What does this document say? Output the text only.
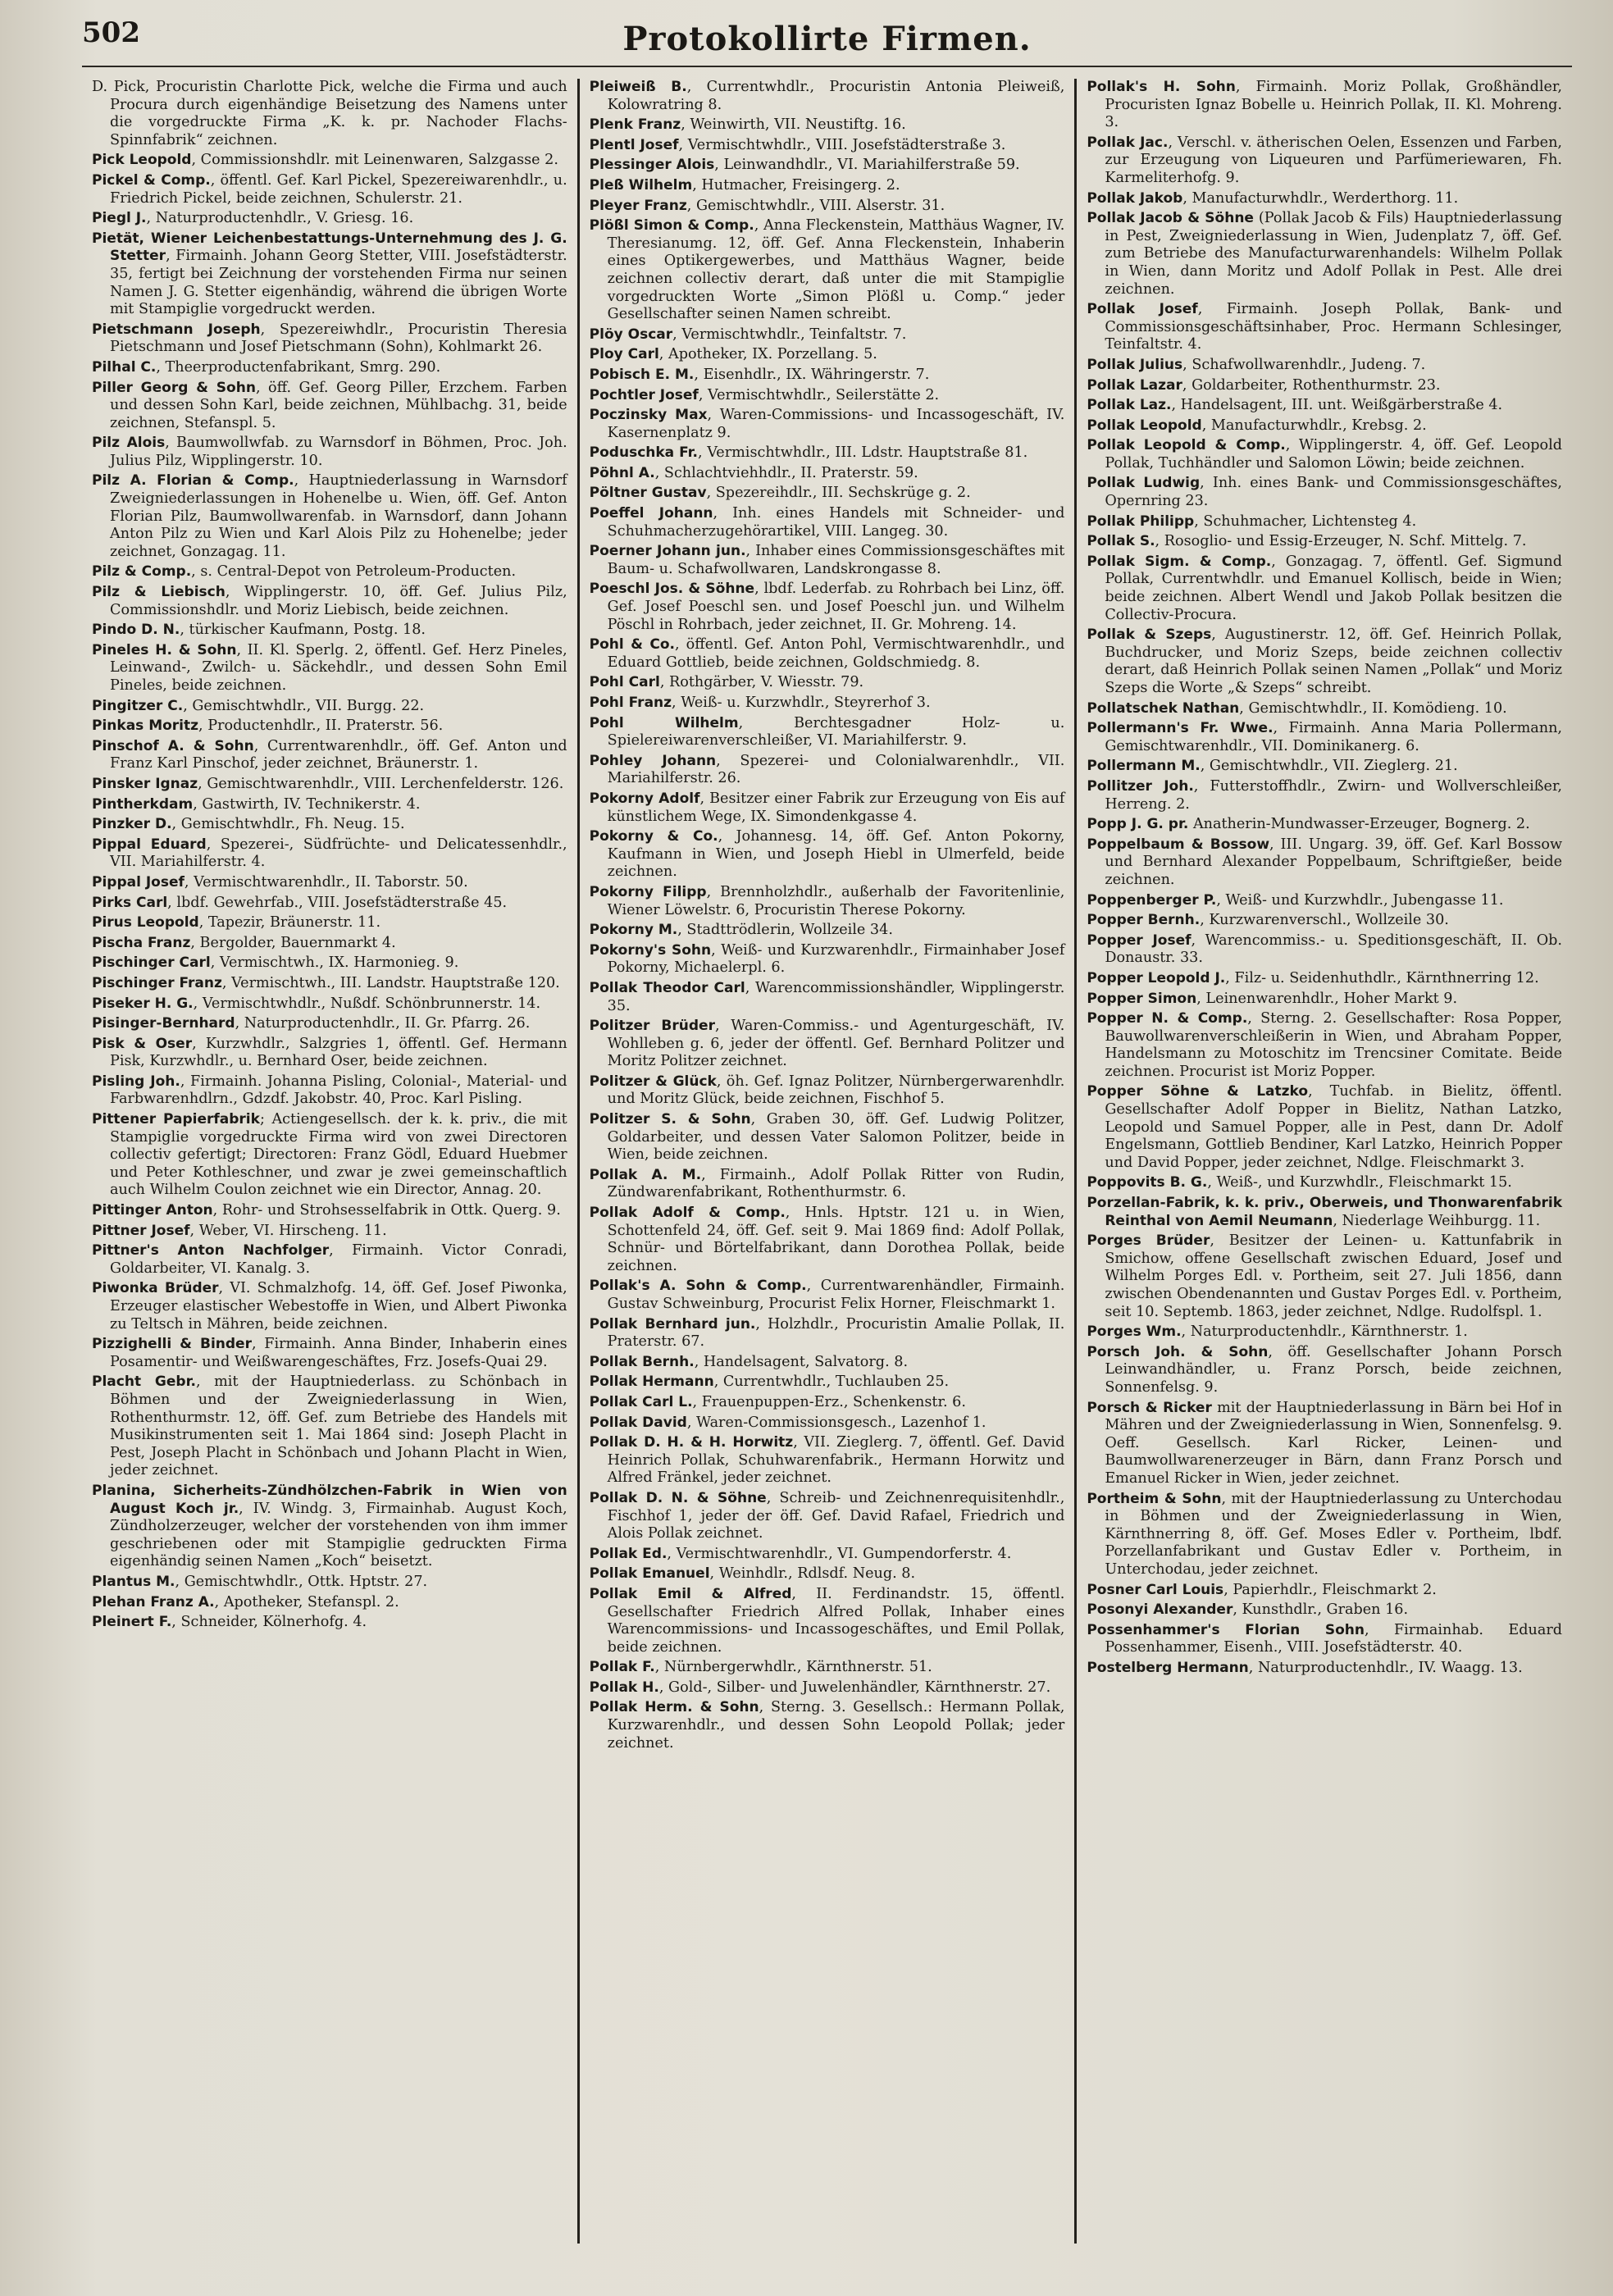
502	Protokollirte Firmen.

D. Pick, Procuristin Charlotte Pick, welche die Firma und auch Procura durch eigenhändige Beisetzung des Namens unter die vorgedruckte Firma „K. k. pr. Nachoder Flachs-Spinnfabrik“ zeichnen.

Pick Leopold, Commissionshdlr. mit Leinenwaren, Salzgasse 2.

Pickel & Comp., öffentl. Gef. Karl Pickel, Spezereiwarenhdlr., u. Friedrich Pickel, beide zeichnen, Schulerstr. 21.

Piegl J., Naturproductenhdlr., V. Griesg. 16.

Pietät, Wiener Leichenbestattungs-Unternehmung des J. G. Stetter, Firmainh. Johann Georg Stetter, VIII. Josefstädterstr. 35, fertigt bei Zeichnung der vorstehenden Firma nur seinen Namen J. G. Stetter eigenhändig, während die übrigen Worte mit Stampiglie vorgedruckt werden.

Pietschmann Joseph, Spezereiwhdlr., Procuristin Theresia Pietschmann und Josef Pietschmann (Sohn), Kohlmarkt 26.

Pilhal C., Theerproductenfabrikant, Smrg. 290.

Piller Georg & Sohn, öff. Gef. Georg Piller, Erzchem. Farben und dessen Sohn Karl, beide zeichnen, Mühlbachg. 31, beide zeichnen, Stefanspl. 5.

Pilz Alois, Baumwollwfab. zu Warnsdorf in Böhmen, Proc. Joh. Julius Pilz, Wipplingerstr. 10.

Pilz A. Florian & Comp., Hauptniederlassung in Warnsdorf Zweigniederlassungen in Hohenelbe u. Wien, öff. Gef. Anton Florian Pilz, Baumwollwarenfab. in Warnsdorf, dann Johann Anton Pilz zu Wien und Karl Alois Pilz zu Hohenelbe; jeder zeichnet, Gonzagag. 11.

Pilz & Comp., s. Central-Depot von Petroleum-Producten.

Pilz & Liebisch, Wipplingerstr. 10, öff. Gef. Julius Pilz, Commissionshdlr. und Moriz Liebisch, beide zeichnen.

Pindo D. N., türkischer Kaufmann, Postg. 18.

Pineles H. & Sohn, II. Kl. Sperlg. 2, öffentl. Gef. Herz Pineles, Leinwand-, Zwilch- u. Säckehdlr., und dessen Sohn Emil Pineles, beide zeichnen.

Pingitzer C., Gemischtwhdlr., VII. Burgg. 22.

Pinkas Moritz, Productenhdlr., II. Praterstr. 56.

Pinschof A. & Sohn, Currentwarenhdlr., öff. Gef. Anton und Franz Karl Pinschof, jeder zeichnet, Bräunerstr. 1.

Pinsker Ignaz, Gemischtwarenhdlr., VIII. Lerchenfelderstr. 126.

Pintherkdam, Gastwirth, IV. Technikerstr. 4.

Pinzker D., Gemischtwhdlr., Fh. Neug. 15.

Pippal Eduard, Spezerei-, Südfrüchte- und Delicatessenhdlr., VII. Mariahilferstr. 4.

Pippal Josef, Vermischtwarenhdlr., II. Taborstr. 50.

Pirks Carl, lbdf. Gewehrfab., VIII. Josefstädterstraße 45.

Pirus Leopold, Tapezir, Bräunerstr. 11.

Pischa Franz, Bergolder, Bauernmarkt 4.

Pischinger Carl, Vermischtwh., IX. Harmonieg. 9.

Pischinger Franz, Vermischtwh., III. Landstr. Hauptstraße 120.

Piseker H. G., Vermischtwhdlr., Nußdf. Schönbrunnerstr. 14.

Pisinger-Bernhard, Naturproductenhdlr., II. Gr. Pfarrg. 26.

Pisk & Oser, Kurzwhdlr., Salzgries 1, öffentl. Gef. Hermann Pisk, Kurzwhdlr., u. Bernhard Oser, beide zeichnen.

Pisling Joh., Firmainh. Johanna Pisling, Colonial-, Material- und Farbwarenhdlrn., Gdzdf. Jakobstr. 40, Proc. Karl Pisling.

Pittener Papierfabrik; Actiengesellsch. der k. k. priv., die mit Stampiglie vorgedruckte Firma wird von zwei Directoren collectiv gefertigt; Directoren: Franz Gödl, Eduard Huebmer und Peter Kothleschner, und zwar je zwei gemeinschaftlich auch Wilhelm Coulon zeichnet wie ein Director, Annag. 20.

Pittinger Anton, Rohr- und Strohsesselfabrik in Ottk. Querg. 9.

Pittner Josef, Weber, VI. Hirscheng. 11.

Pittner's Anton Nachfolger, Firmainh. Victor Conradi, Goldarbeiter, VI. Kanalg. 3.

Piwonka Brüder, VI. Schmalzhofg. 14, öff. Gef. Josef Piwonka, Erzeuger elastischer Webestoffe in Wien, und Albert Piwonka zu Teltsch in Mähren, beide zeichnen.

Pizzighelli & Binder, Firmainh. Anna Binder, Inhaberin eines Posamentir- und Weißwarengeschäftes, Frz. Josefs-Quai 29.

Placht Gebr., mit der Hauptniederlass. zu Schönbach in Böhmen und der Zweigniederlassung in Wien, Rothenthurmstr. 12, öff. Gef. zum Betriebe des Handels mit Musikinstrumenten seit 1. Mai 1864 sind: Joseph Placht in Pest, Joseph Placht in Schönbach und Johann Placht in Wien, jeder zeichnet.

Planina, Sicherheits-Zündhölzchen-Fabrik in Wien von August Koch jr., IV. Windg. 3, Firmainhab. August Koch, Zündholzerzeuger, welcher der vorstehenden von ihm immer geschriebenen oder mit Stampiglie gedruckten Firma eigenhändig seinen Namen „Koch“ beisetzt.

Plantus M., Gemischtwhdlr., Ottk. Hptstr. 27.

Plehan Franz A., Apotheker, Stefanspl. 2.

Pleinert F., Schneider, Kölnerhofg. 4.

Pleiweiß B., Currentwhdlr., Procuristin Antonia Pleiweiß, Kolowratring 8.

Plenk Franz, Weinwirth, VII. Neustiftg. 16.

Plentl Josef, Vermischtwhdlr., VIII. Josefstädterstraße 3.

Plessinger Alois, Leinwandhdlr., VI. Mariahilferstraße 59.

Pleß Wilhelm, Hutmacher, Freisingerg. 2.

Pleyer Franz, Gemischtwhdlr., VIII. Alserstr. 31.

Plößl Simon & Comp., Anna Fleckenstein, Matthäus Wagner, IV. Theresianumg. 12, öff. Gef. Anna Fleckenstein, Inhaberin eines Optikergewerbes, und Matthäus Wagner, beide zeichnen collectiv derart, daß unter die mit Stampiglie vorgedruckten Worte „Simon Plößl u. Comp.“ jeder Gesellschafter seinen Namen schreibt.

Plöy Oscar, Vermischtwhdlr., Teinfaltstr. 7.

Ploy Carl, Apotheker, IX. Porzellang. 5.

Pobisch E. M., Eisenhdlr., IX. Währingerstr. 7.

Pochtler Josef, Vermischtwhdlr., Seilerstätte 2.

Poczinsky Max, Waren-Commissions- und Incassogeschäft, IV. Kasernenplatz 9.

Poduschka Fr., Vermischtwhdlr., III. Ldstr. Hauptstraße 81.

Pöhnl A., Schlachtviehhdlr., II. Praterstr. 59.

Pöltner Gustav, Spezereihdlr., III. Sechskrüge g. 2.

Poeffel Johann, Inh. eines Handels mit Schneider- und Schuhmacherzugehörartikel, VIII. Langeg. 30.

Poerner Johann jun., Inhaber eines Commissionsgeschäftes mit Baum- u. Schafwollwaren, Landskrongasse 8.

Poeschl Jos. & Söhne, lbdf. Lederfab. zu Rohrbach bei Linz, öff. Gef. Josef Poeschl sen. und Josef Poeschl jun. und Wilhelm Pöschl in Rohrbach, jeder zeichnet, II. Gr. Mohreng. 14.

Pohl & Co., öffentl. Gef. Anton Pohl, Vermischtwarenhdlr., und Eduard Gottlieb, beide zeichnen, Goldschmiedg. 8.

Pohl Carl, Rothgärber, V. Wiesstr. 79.

Pohl Franz, Weiß- u. Kurzwhdlr., Steyrerhof 3.

Pohl Wilhelm, Berchtesgadner Holz- u. Spielereiwarenverschleißer, VI. Mariahilferstr. 9.

Pohley Johann, Spezerei- und Colonialwarenhdlr., VII. Mariahilferstr. 26.

Pokorny Adolf, Besitzer einer Fabrik zur Erzeugung von Eis auf künstlichem Wege, IX. Simondenkgasse 4.

Pokorny & Co., Johannesg. 14, öff. Gef. Anton Pokorny, Kaufmann in Wien, und Joseph Hiebl in Ulmerfeld, beide zeichnen.

Pokorny Filipp, Brennholzhdlr., außerhalb der Favoritenlinie, Wiener Löwelstr. 6, Procuristin Therese Pokorny.

Pokorny M., Stadttrödlerin, Wollzeile 34.

Pokorny's Sohn, Weiß- und Kurzwarenhdlr., Firmainhaber Josef Pokorny, Michaelerpl. 6.

Pollak Theodor Carl, Warencommissionshändler, Wipplingerstr. 35.

Politzer Brüder, Waren-Commiss.- und Agenturgeschäft, IV. Wohlleben g. 6, jeder der öffentl. Gef. Bernhard Politzer und Moritz Politzer zeichnet.

Politzer & Glück, öh. Gef. Ignaz Politzer, Nürnbergerwarenhdlr. und Moritz Glück, beide zeichnen, Fischhof 5.

Politzer S. & Sohn, Graben 30, öff. Gef. Ludwig Politzer, Goldarbeiter, und dessen Vater Salomon Politzer, beide in Wien, beide zeichnen.

Pollak A. M., Firmainh., Adolf Pollak Ritter von Rudin, Zündwarenfabrikant, Rothenthurmstr. 6.

Pollak Adolf & Comp., Hnls. Hptstr. 121 u. in Wien, Schottenfeld 24, öff. Gef. seit 9. Mai 1869 find: Adolf Pollak, Schnür- und Börtelfabrikant, dann Dorothea Pollak, beide zeichnen.

Pollak's A. Sohn & Comp., Currentwarenhändler, Firmainh. Gustav Schweinburg, Procurist Felix Horner, Fleischmarkt 1.

Pollak Bernhard jun., Holzhdlr., Procuristin Amalie Pollak, II. Praterstr. 67.

Pollak Bernh., Handelsagent, Salvatorg. 8.

Pollak Hermann, Currentwhdlr., Tuchlauben 25.

Pollak Carl L., Frauenpuppen-Erz., Schenkenstr. 6.

Pollak David, Waren-Commissionsgesch., Lazenhof 1.

Pollak D. H. & H. Horwitz, VII. Zieglerg. 7, öffentl. Gef. David Heinrich Pollak, Schuhwarenfabrik., Hermann Horwitz und Alfred Fränkel, jeder zeichnet.

Pollak D. N. & Söhne, Schreib- und Zeichnenrequisitenhdlr., Fischhof 1, jeder der öff. Gef. David Rafael, Friedrich und Alois Pollak zeichnet.

Pollak Ed., Vermischtwarenhdlr., VI. Gumpendorferstr. 4.

Pollak Emanuel, Weinhdlr., Rdlsdf. Neug. 8.

Pollak Emil & Alfred, II. Ferdinandstr. 15, öffentl. Gesellschafter Friedrich Alfred Pollak, Inhaber eines Warencommissions- und Incassogeschäftes, und Emil Pollak, beide zeichnen.

Pollak F., Nürnbergerwhdlr., Kärnthnerstr. 51.

Pollak H., Gold-, Silber- und Juwelenhändler, Kärnthnerstr. 27.

Pollak Herm. & Sohn, Sterng. 3. Gesellsch.: Hermann Pollak, Kurzwarenhdlr., und dessen Sohn Leopold Pollak; jeder zeichnet.

Pollak's H. Sohn, Firmainh. Moriz Pollak, Großhändler, Procuristen Ignaz Bobelle u. Heinrich Pollak, II. Kl. Mohreng. 3.

Pollak Jac., Verschl. v. ätherischen Oelen, Essenzen und Farben, zur Erzeugung von Liqueuren und Parfümeriewaren, Fh. Karmeliterhofg. 9.

Pollak Jakob, Manufacturwhdlr., Werderthorg. 11.

Pollak Jacob & Söhne (Pollak Jacob & Fils) Hauptniederlassung in Pest, Zweigniederlassung in Wien, Judenplatz 7, öff. Gef. zum Betriebe des Manufacturwarenhandels: Wilhelm Pollak in Wien, dann Moritz und Adolf Pollak in Pest. Alle drei zeichnen.

Pollak Josef, Firmainh. Joseph Pollak, Bank- und Commissionsgeschäftsinhaber, Proc. Hermann Schlesinger, Teinfaltstr. 4.

Pollak Julius, Schafwollwarenhdlr., Judeng. 7.

Pollak Lazar, Goldarbeiter, Rothenthurmstr. 23.

Pollak Laz., Handelsagent, III. unt. Weißgärberstraße 4.

Pollak Leopold, Manufacturwhdlr., Krebsg. 2.

Pollak Leopold & Comp., Wipplingerstr. 4, öff. Gef. Leopold Pollak, Tuchhändler und Salomon Löwin; beide zeichnen.

Pollak Ludwig, Inh. eines Bank- und Commissionsgeschäftes, Opernring 23.

Pollak Philipp, Schuhmacher, Lichtensteg 4.

Pollak S., Rosoglio- und Essig-Erzeuger, N. Schf. Mittelg. 7.

Pollak Sigm. & Comp., Gonzagag. 7, öffentl. Gef. Sigmund Pollak, Currentwhdlr. und Emanuel Kollisch, beide in Wien; beide zeichnen. Albert Wendl und Jakob Pollak besitzen die Collectiv-Procura.

Pollak & Szeps, Augustinerstr. 12, öff. Gef. Heinrich Pollak, Buchdrucker, und Moriz Szeps, beide zeichnen collectiv derart, daß Heinrich Pollak seinen Namen „Pollak“ und Moriz Szeps die Worte „& Szeps“ schreibt.

Pollatschek Nathan, Gemischtwhdlr., II. Komödieng. 10.

Pollermann's Fr. Wwe., Firmainh. Anna Maria Pollermann, Gemischtwarenhdlr., VII. Dominikanerg. 6.

Pollermann M., Gemischtwhdlr., VII. Zieglerg. 21.

Pollitzer Joh., Futterstoffhdlr., Zwirn- und Wollverschleißer, Herreng. 2.

Popp J. G. pr. Anatherin-Mundwasser-Erzeuger, Bognerg. 2.

Poppelbaum & Bossow, III. Ungarg. 39, öff. Gef. Karl Bossow und Bernhard Alexander Poppelbaum, Schriftgießer, beide zeichnen.

Poppenberger P., Weiß- und Kurzwhdlr., Jubengasse 11.

Popper Bernh., Kurzwarenverschl., Wollzeile 30.

Popper Josef, Warencommiss.- u. Speditionsgeschäft, II. Ob. Donaustr. 33.

Popper Leopold J., Filz- u. Seidenhuthdlr., Kärnthnerring 12.

Popper Simon, Leinenwarenhdlr., Hoher Markt 9.

Popper N. & Comp., Sterng. 2. Gesellschafter: Rosa Popper, Bauwollwarenverschleißerin in Wien, und Abraham Popper, Handelsmann zu Motoschitz im Trencsiner Comitate. Beide zeichnen. Procurist ist Moriz Popper.

Popper Söhne & Latzko, Tuchfab. in Bielitz, öffentl. Gesellschafter Adolf Popper in Bielitz, Nathan Latzko, Leopold und Samuel Popper, alle in Pest, dann Dr. Adolf Engelsmann, Gottlieb Bendiner, Karl Latzko, Heinrich Popper und David Popper, jeder zeichnet, Ndlge. Fleischmarkt 3.

Poppovits B. G., Weiß-, und Kurzwhdlr., Fleischmarkt 15.

Porzellan-Fabrik, k. k. priv., Oberweis, und Thonwarenfabrik Reinthal von Aemil Neumann, Niederlage Weihburgg. 11.

Porges Brüder, Besitzer der Leinen- u. Kattunfabrik in Smichow, offene Gesellschaft zwischen Eduard, Josef und Wilhelm Porges Edl. v. Portheim, seit 27. Juli 1856, dann zwischen Obendenannten und Gustav Porges Edl. v. Portheim, seit 10. Septemb. 1863, jeder zeichnet, Ndlge. Rudolfspl. 1.

Porges Wm., Naturproductenhdlr., Kärnthnerstr. 1.

Porsch Joh. & Sohn, öff. Gesellschafter Johann Porsch Leinwandhändler, u. Franz Porsch, beide zeichnen, Sonnenfelsg. 9.

Porsch & Ricker mit der Hauptniederlassung in Bärn bei Hof in Mähren und der Zweigniederlassung in Wien, Sonnenfelsg. 9. Oeff. Gesellsch. Karl Ricker, Leinen- und Baumwollwarenerzeuger in Bärn, dann Franz Porsch und Emanuel Ricker in Wien, jeder zeichnet.

Portheim & Sohn, mit der Hauptniederlassung zu Unterchodau in Böhmen und der Zweigniederlassung in Wien, Kärnthnerring 8, öff. Gef. Moses Edler v. Portheim, lbdf. Porzellanfabrikant und Gustav Edler v. Portheim, in Unterchodau, jeder zeichnet.

Posner Carl Louis, Papierhdlr., Fleischmarkt 2.

Posonyi Alexander, Kunsthdlr., Graben 16.

Possenhammer's Florian Sohn, Firmainhab. Eduard Possenhammer, Eisenh., VIII. Josefstädterstr. 40.

Postelberg Hermann, Naturproductenhdlr., IV. Waagg. 13.
